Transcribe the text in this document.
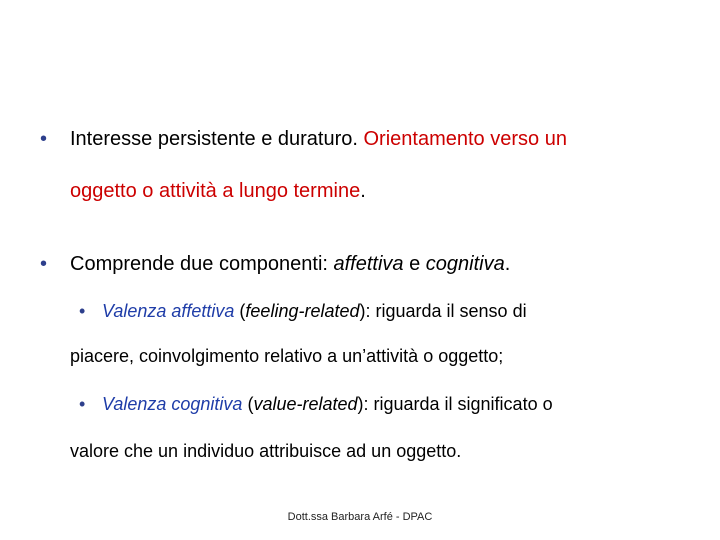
• Interesse persistente e duraturo. Orientamento verso un
oggetto o attività a lungo termine.
• Comprende due componenti: affettiva e cognitiva.
• Valenza affettiva (feeling-related): riguarda il senso di
piacere, coinvolgimento relativo a un’attività o oggetto;
• Valenza cognitiva (value-related): riguarda il significato o
valore che un individuo attribuisce ad un oggetto.
Dott.ssa Barbara Arfé - DPAC
